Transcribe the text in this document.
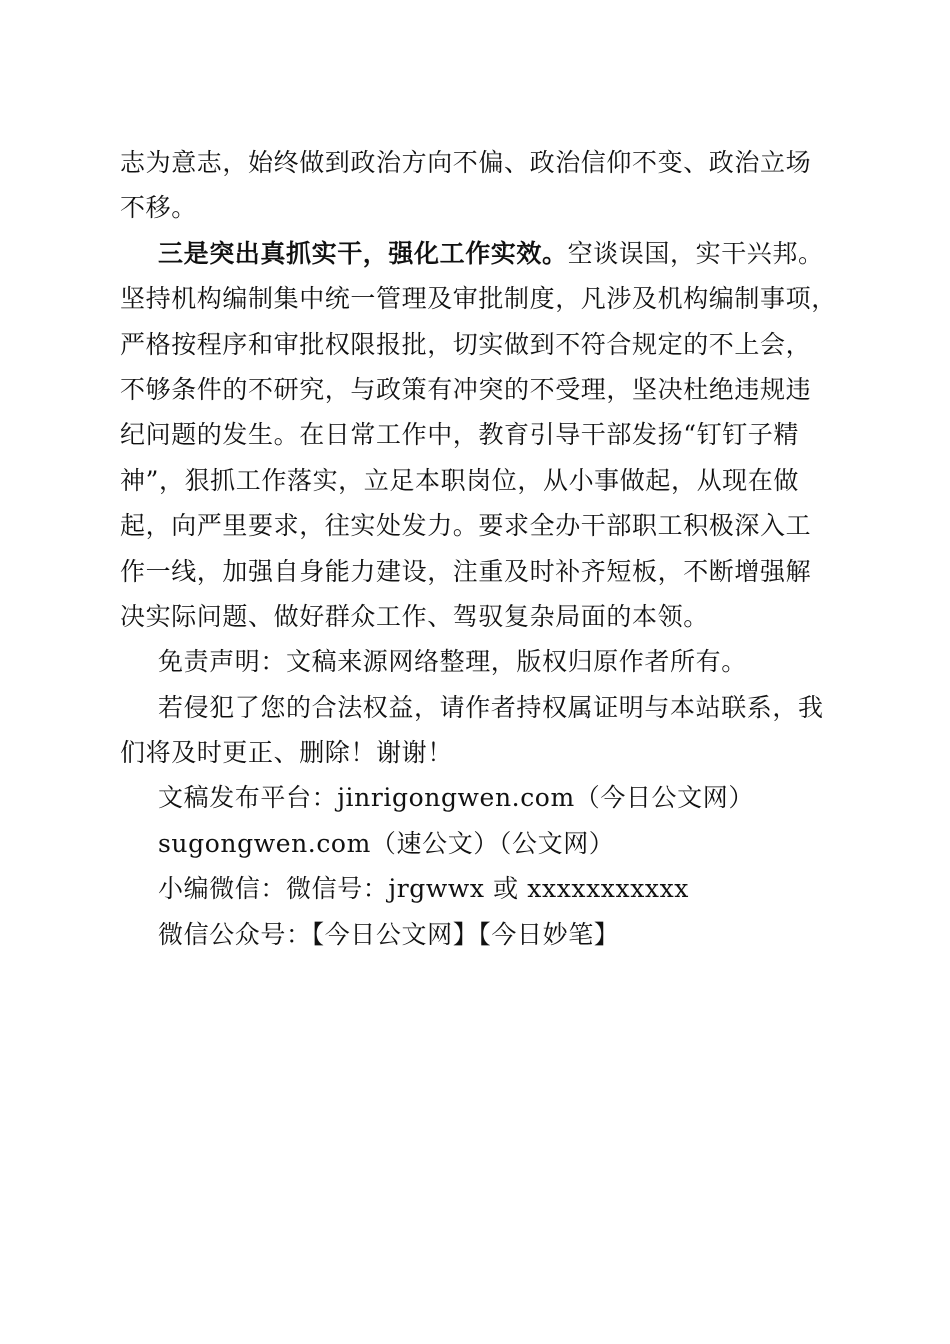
志为意志，始终做到政治方向不偏、政治信仰不变、政治立场
不移。
三是突出真抓实干，强化工作实效。空谈误国，实干兴邦。
坚持机构编制集中统一管理及审批制度，凡涉及机构编制事项，
严格按程序和审批权限报批，切实做到不符合规定的不上会，
不够条件的不研究，与政策有冲突的不受理，坚决杜绝违规违
纪问题的发生。在日常工作中，教育引导干部发扬“钉钉子精
神”，狠抓工作落实，立足本职岗位，从小事做起，从现在做
起，向严里要求，往实处发力。要求全办干部职工积极深入工
作一线，加强自身能力建设，注重及时补齐短板，不断增强解
决实际问题、做好群众工作、驾驭复杂局面的本领。
免责声明：文稿来源网络整理，版权归原作者所有。
若侵犯了您的合法权益，请作者持权属证明与本站联系，我
们将及时更正、删除！谢谢！
文稿发布平台：jinrigongwen.com（今日公文网）
sugongwen.com（速公文）（公文网）
小编微信：微信号：jrgwwx 或 xxxxxxxxxxx
微信公众号：【今日公文网】【今日妙笔】
